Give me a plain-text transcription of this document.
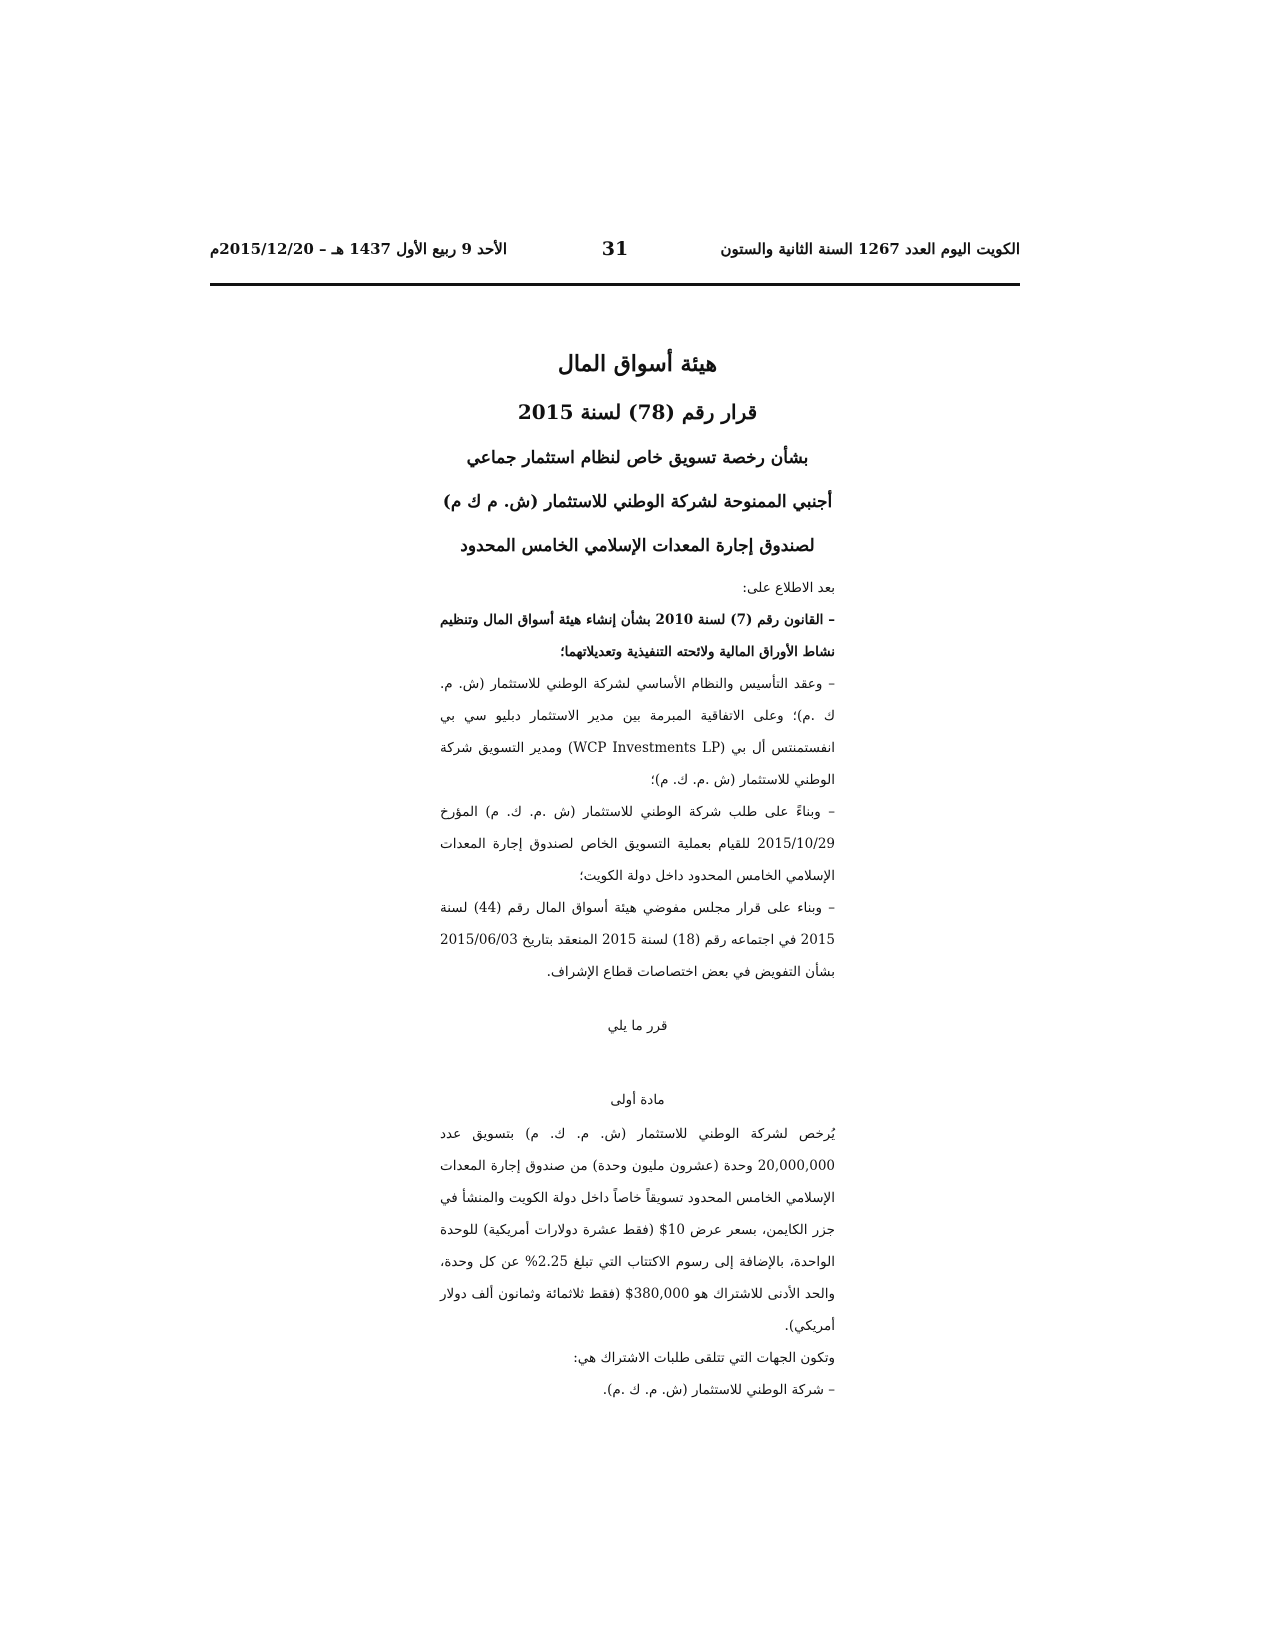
الكويت اليوم العدد 1267 السنة الثانية والستون
31
الأحد 9 ربيع الأول 1437 هـ – 2015/12/20م
هيئة أسواق المال
قرار رقم (78) لسنة 2015
بشأن رخصة تسويق خاص لنظام استثمار جماعي
أجنبي الممنوحة لشركة الوطني للاستثمار (ش. م ك م)
لصندوق إجارة المعدات الإسلامي الخامس المحدود

بعد الاطلاع على:

– القانون رقم (7) لسنة 2010 بشأن إنشاء هيئة أسواق المال وتنظيم نشاط الأوراق المالية ولائحته التنفيذية وتعديلاتهما؛

– وعقد التأسيس والنظام الأساسي لشركة الوطني للاستثمار (ش. م. ك .م)؛ وعلى الاتفاقية المبرمة بين مدير الاستثمار دبليو سي بي انفستمنتس أل بي (WCP Investments LP) ومدير التسويق شركة الوطني للاستثمار (ش .م. ك. م)؛

– وبناءً على طلب شركة الوطني للاستثمار (ش .م. ك. م) المؤرخ 2015/10/29 للقيام بعملية التسويق الخاص لصندوق إجارة المعدات الإسلامي الخامس المحدود داخل دولة الكويت؛

– وبناء على قرار مجلس مفوضي هيئة أسواق المال رقم (44) لسنة 2015 في اجتماعه رقم (18) لسنة 2015 المنعقد بتاريخ 2015/06/03 بشأن التفويض في بعض اختصاصات قطاع الإشراف.

قرر ما يلي
مادة أولى

يُرخص لشركة الوطني للاستثمار (ش. م. ك. م) بتسويق عدد 20,000,000 وحدة (عشرون مليون وحدة) من صندوق إجارة المعدات الإسلامي الخامس المحدود تسويقاً خاصاً داخل دولة الكويت والمنشأ في جزر الكايمن، بسعر عرض 10$ (فقط عشرة دولارات أمريكية) للوحدة الواحدة، بالإضافة إلى رسوم الاكتتاب التي تبلغ 2.25% عن كل وحدة، والحد الأدنى للاشتراك هو 380,000$ (فقط ثلاثمائة وثمانون ألف دولار أمريكي).

وتكون الجهات التي تتلقى طلبات الاشتراك هي:

– شركة الوطني للاستثمار (ش. م. ك .م).
